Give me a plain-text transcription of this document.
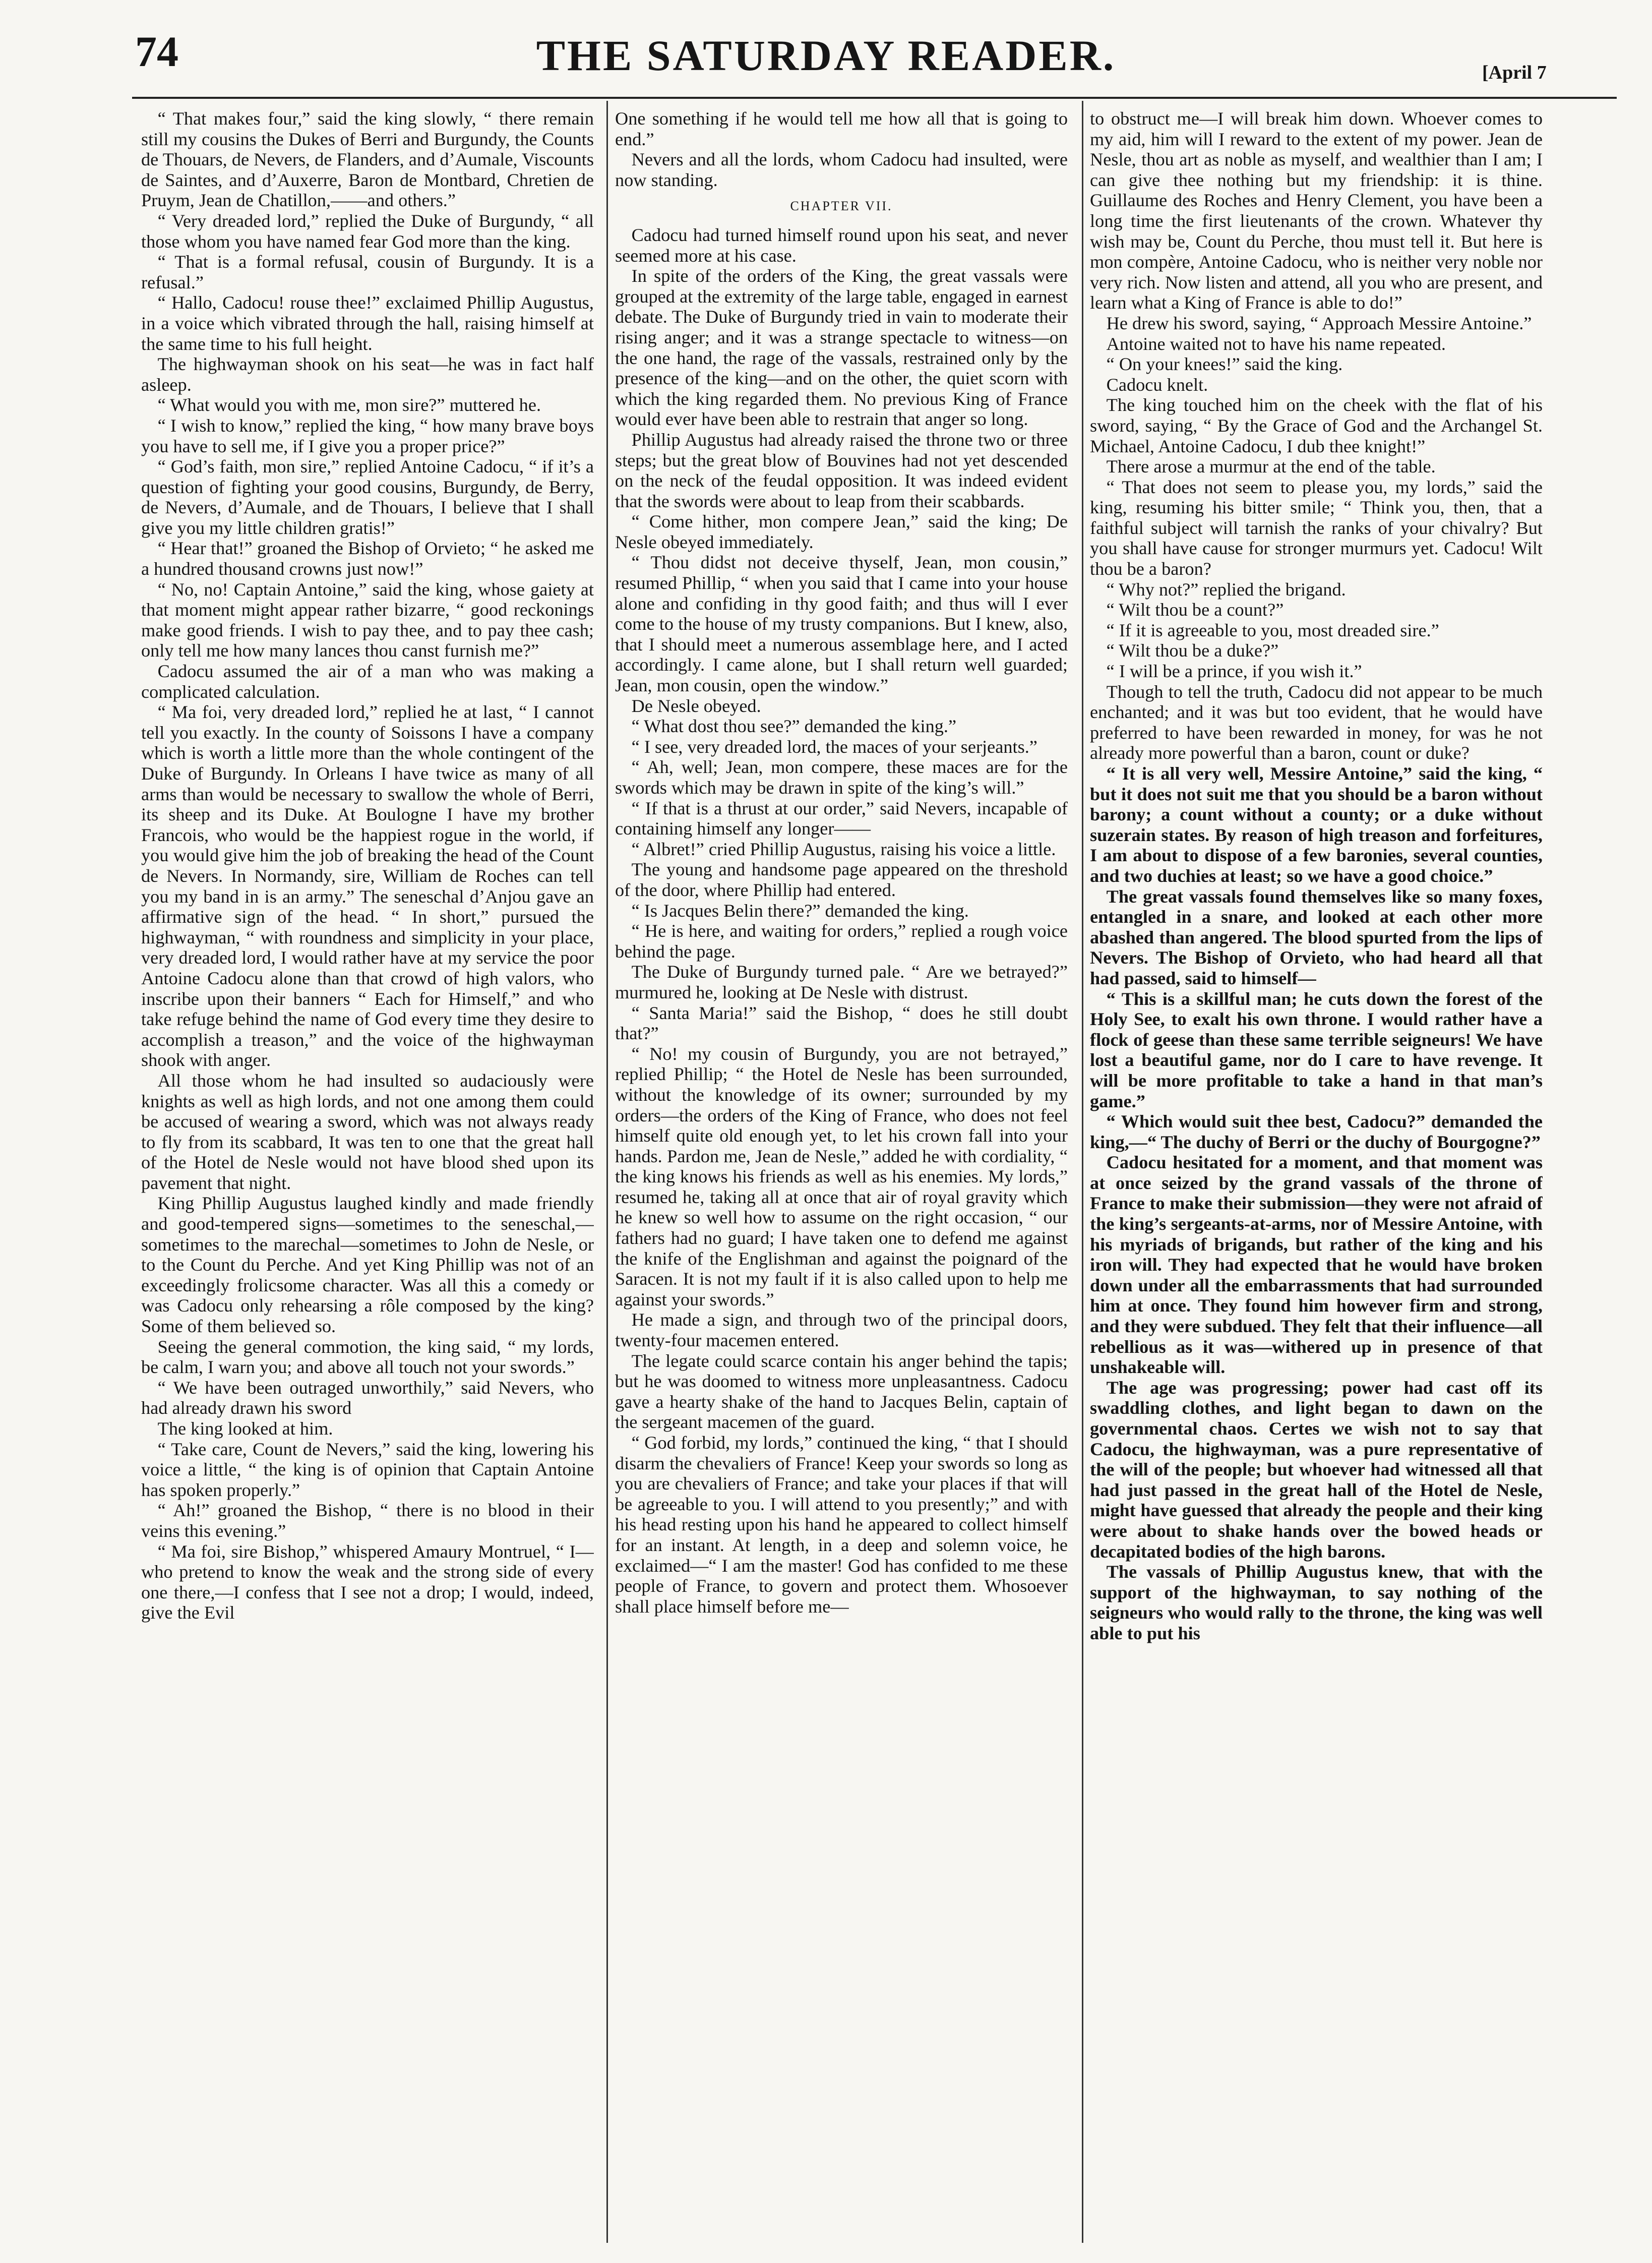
74	THE SATURDAY READER.	[April 7

“ That makes four,” said the king slowly, “ there remain still my cousins the Dukes of Berri and Burgundy, the Counts de Thouars, de Nevers, de Flanders, and d’Aumale, Viscounts de Saintes, and d’Auxerre, Baron de Montbard, Chretien de Pruym, Jean de Chatillon,——and others.”

“ Very dreaded lord,” replied the Duke of Burgundy, “ all those whom you have named fear God more than the king.

“ That is a formal refusal, cousin of Burgundy. It is a refusal.”

“ Hallo, Cadocu! rouse thee!” exclaimed Phillip Augustus, in a voice which vibrated through the hall, raising himself at the same time to his full height.

The highwayman shook on his seat—he was in fact half asleep.

“ What would you with me, mon sire?” muttered he.

“ I wish to know,” replied the king, “ how many brave boys you have to sell me, if I give you a proper price?”

“ God’s faith, mon sire,” replied Antoine Cadocu, “ if it’s a question of fighting your good cousins, Burgundy, de Berry, de Nevers, d’Aumale, and de Thouars, I believe that I shall give you my little children gratis!”

“ Hear that!” groaned the Bishop of Orvieto; “ he asked me a hundred thousand crowns just now!”

“ No, no! Captain Antoine,” said the king, whose gaiety at that moment might appear rather bizarre, “ good reckonings make good friends. I wish to pay thee, and to pay thee cash; only tell me how many lances thou canst furnish me?”

Cadocu assumed the air of a man who was making a complicated calculation.

“ Ma foi, very dreaded lord,” replied he at last, “ I cannot tell you exactly. In the county of Soissons I have a company which is worth a little more than the whole contingent of the Duke of Burgundy. In Orleans I have twice as many of all arms than would be necessary to swallow the whole of Berri, its sheep and its Duke. At Boulogne I have my brother Francois, who would be the happiest rogue in the world, if you would give him the job of breaking the head of the Count de Nevers. In Normandy, sire, William de Roches can tell you my band in is an army.” The seneschal d’Anjou gave an affirmative sign of the head. “ In short,” pursued the highwayman, “ with roundness and simplicity in your place, very dreaded lord, I would rather have at my service the poor Antoine Cadocu alone than that crowd of high valors, who inscribe upon their banners “ Each for Himself,” and who take refuge behind the name of God every time they desire to accomplish a treason,” and the voice of the highwayman shook with anger.

All those whom he had insulted so audaciously were knights as well as high lords, and not one among them could be accused of wearing a sword, which was not always ready to fly from its scabbard, It was ten to one that the great hall of the Hotel de Nesle would not have blood shed upon its pavement that night.

King Phillip Augustus laughed kindly and made friendly and good-tempered signs—sometimes to the seneschal,—sometimes to the marechal—sometimes to John de Nesle, or to the Count du Perche. And yet King Phillip was not of an exceedingly frolicsome character. Was all this a comedy or was Cadocu only rehearsing a rôle composed by the king? Some of them believed so.

Seeing the general commotion, the king said, “ my lords, be calm, I warn you; and above all touch not your swords.”

“ We have been outraged unworthily,” said Nevers, who had already drawn his sword

The king looked at him.

“ Take care, Count de Nevers,” said the king, lowering his voice a little, “ the king is of opinion that Captain Antoine has spoken properly.”

“ Ah!” groaned the Bishop, “ there is no blood in their veins this evening.”

“ Ma foi, sire Bishop,” whispered Amaury Montruel, “ I—who pretend to know the weak and the strong side of every one there,—I confess that I see not a drop; I would, indeed, give the Evil

One something if he would tell me how all that is going to end.”

Nevers and all the lords, whom Cadocu had insulted, were now standing.

CHAPTER VII.

Cadocu had turned himself round upon his seat, and never seemed more at his case.

In spite of the orders of the King, the great vassals were grouped at the extremity of the large table, engaged in earnest debate. The Duke of Burgundy tried in vain to moderate their rising anger; and it was a strange spectacle to witness—on the one hand, the rage of the vassals, restrained only by the presence of the king—and on the other, the quiet scorn with which the king regarded them. No previous King of France would ever have been able to restrain that anger so long.

Phillip Augustus had already raised the throne two or three steps; but the great blow of Bouvines had not yet descended on the neck of the feudal opposition. It was indeed evident that the swords were about to leap from their scabbards.

“ Come hither, mon compere Jean,” said the king; De Nesle obeyed immediately.

“ Thou didst not deceive thyself, Jean, mon cousin,” resumed Phillip, “ when you said that I came into your house alone and confiding in thy good faith; and thus will I ever come to the house of my trusty companions. But I knew, also, that I should meet a numerous assemblage here, and I acted accordingly. I came alone, but I shall return well guarded; Jean, mon cousin, open the window.”

De Nesle obeyed.

“ What dost thou see?” demanded the king.”

“ I see, very dreaded lord, the maces of your serjeants.”

“ Ah, well; Jean, mon compere, these maces are for the swords which may be drawn in spite of the king’s will.”

“ If that is a thrust at our order,” said Nevers, incapable of containing himself any longer——

“ Albret!” cried Phillip Augustus, raising his voice a little.

The young and handsome page appeared on the threshold of the door, where Phillip had entered.

“ Is Jacques Belin there?” demanded the king.

“ He is here, and waiting for orders,” replied a rough voice behind the page.

The Duke of Burgundy turned pale. “ Are we betrayed?” murmured he, looking at De Nesle with distrust.

“ Santa Maria!” said the Bishop, “ does he still doubt that?”

“ No! my cousin of Burgundy, you are not betrayed,” replied Phillip; “ the Hotel de Nesle has been surrounded, without the knowledge of its owner; surrounded by my orders—the orders of the King of France, who does not feel himself quite old enough yet, to let his crown fall into your hands. Pardon me, Jean de Nesle,” added he with cordiality, “ the king knows his friends as well as his enemies. My lords,” resumed he, taking all at once that air of royal gravity which he knew so well how to assume on the right occasion, “ our fathers had no guard; I have taken one to defend me against the knife of the Englishman and against the poignard of the Saracen. It is not my fault if it is also called upon to help me against your swords.”

He made a sign, and through two of the principal doors, twenty-four macemen entered.

The legate could scarce contain his anger behind the tapis; but he was doomed to witness more unpleasantness. Cadocu gave a hearty shake of the hand to Jacques Belin, captain of the sergeant macemen of the guard.

“ God forbid, my lords,” continued the king, “ that I should disarm the chevaliers of France! Keep your swords so long as you are chevaliers of France; and take your places if that will be agreeable to you. I will attend to you presently;” and with his head resting upon his hand he appeared to collect himself for an instant. At length, in a deep and solemn voice, he exclaimed—“ I am the master! God has confided to me these people of France, to govern and protect them. Whosoever shall place himself before me—

to obstruct me—I will break him down. Whoever comes to my aid, him will I reward to the extent of my power. Jean de Nesle, thou art as noble as myself, and wealthier than I am; I can give thee nothing but my friendship: it is thine. Guillaume des Roches and Henry Clement, you have been a long time the first lieutenants of the crown. Whatever thy wish may be, Count du Perche, thou must tell it. But here is mon compère, Antoine Cadocu, who is neither very noble nor very rich. Now listen and attend, all you who are present, and learn what a King of France is able to do!”

He drew his sword, saying, “ Approach Messire Antoine.”

Antoine waited not to have his name repeated.

“ On your knees!” said the king.

Cadocu knelt.

The king touched him on the cheek with the flat of his sword, saying, “ By the Grace of God and the Archangel St. Michael, Antoine Cadocu, I dub thee knight!”

There arose a murmur at the end of the table.

“ That does not seem to please you, my lords,” said the king, resuming his bitter smile; “ Think you, then, that a faithful subject will tarnish the ranks of your chivalry? But you shall have cause for stronger murmurs yet. Cadocu! Wilt thou be a baron?

“ Why not?” replied the brigand.

“ Wilt thou be a count?”

“ If it is agreeable to you, most dreaded sire.”

“ Wilt thou be a duke?”

“ I will be a prince, if you wish it.”

Though to tell the truth, Cadocu did not appear to be much enchanted; and it was but too evident, that he would have preferred to have been rewarded in money, for was he not already more powerful than a baron, count or duke?

“ It is all very well, Messire Antoine,” said the king, “ but it does not suit me that you should be a baron without barony; a count without a county; or a duke without suzerain states. By reason of high treason and forfeitures, I am about to dispose of a few baronies, several counties, and two duchies at least; so we have a good choice.”

The great vassals found themselves like so many foxes, entangled in a snare, and looked at each other more abashed than angered. The blood spurted from the lips of Nevers. The Bishop of Orvieto, who had heard all that had passed, said to himself—

“ This is a skillful man; he cuts down the forest of the Holy See, to exalt his own throne. I would rather have a flock of geese than these same terrible seigneurs! We have lost a beautiful game, nor do I care to have revenge. It will be more profitable to take a hand in that man’s game.”

“ Which would suit thee best, Cadocu?” demanded the king,—“ The duchy of Berri or the duchy of Bourgogne?”

Cadocu hesitated for a moment, and that moment was at once seized by the grand vassals of the throne of France to make their submission—they were not afraid of the king’s sergeants-at-arms, nor of Messire Antoine, with his myriads of brigands, but rather of the king and his iron will. They had expected that he would have broken down under all the embarrassments that had surrounded him at once. They found him however firm and strong, and they were subdued. They felt that their influence—all rebellious as it was—withered up in presence of that unshakeable will.

The age was progressing; power had cast off its swaddling clothes, and light began to dawn on the governmental chaos. Certes we wish not to say that Cadocu, the highwayman, was a pure representative of the will of the people; but whoever had witnessed all that had just passed in the great hall of the Hotel de Nesle, might have guessed that already the people and their king were about to shake hands over the bowed heads or decapitated bodies of the high barons.

The vassals of Phillip Augustus knew, that with the support of the highwayman, to say nothing of the seigneurs who would rally to the throne, the king was well able to put his
